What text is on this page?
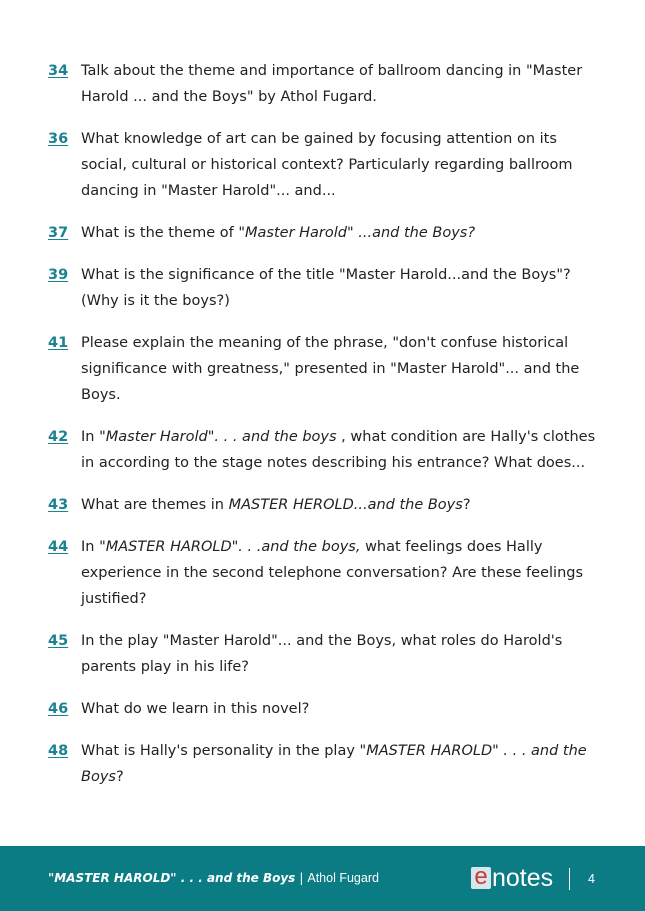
34 Talk about the theme and importance of ballroom dancing in "Master Harold ... and the Boys" by Athol Fugard.
36 What knowledge of art can be gained by focusing attention on its social, cultural or historical context? Particularly regarding ballroom dancing in "Master Harold"... and...
37 What is the theme of "Master Harold" ...and the Boys?
39 What is the significance of the title "Master Harold...and the Boys"? (Why is it the boys?)
41 Please explain the meaning of the phrase, "don't confuse historical significance with greatness," presented in "Master Harold"... and the Boys.
42 In "Master Harold". . . and the boys , what condition are Hally's clothes in according to the stage notes describing his entrance? What does...
43 What are themes in MASTER HEROLD...and the Boys?
44 In "MASTER HAROLD". . .and the boys, what feelings does Hally experience in the second telephone conversation? Are these feelings justified?
45 In the play "Master Harold"... and the Boys, what roles do Harold's parents play in his life?
46 What do we learn in this novel?
48 What is Hally's personality in the play "MASTER HAROLD" . . . and the Boys?
"MASTER HAROLD" . . . and the Boys | Athol Fugard	e notes	4
